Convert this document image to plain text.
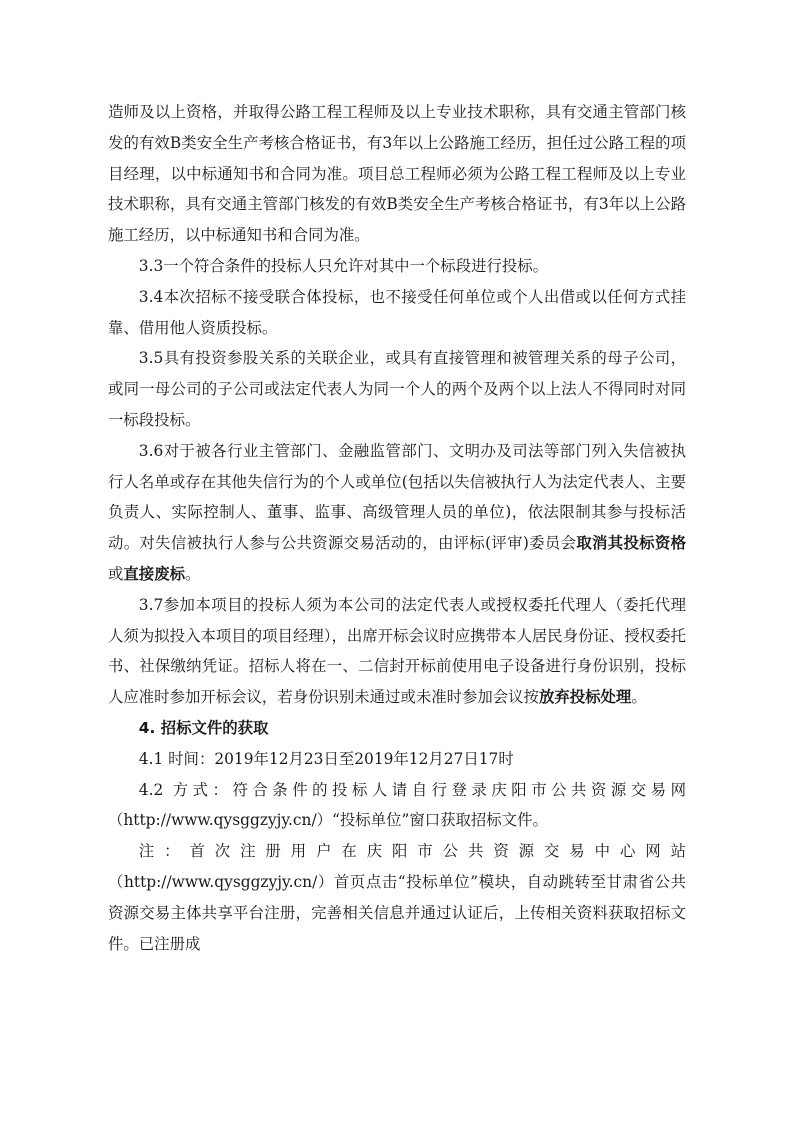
造师及以上资格，并取得公路工程工程师及以上专业技术职称，具有交通主管部门核发的有效B类安全生产考核合格证书，有3年以上公路施工经历，担任过公路工程的项目经理，以中标通知书和合同为准。项目总工程师必须为公路工程工程师及以上专业技术职称，具有交通主管部门核发的有效B类安全生产考核合格证书，有3年以上公路施工经历，以中标通知书和合同为准。

3.3一个符合条件的投标人只允许对其中一个标段进行投标。

3.4本次招标不接受联合体投标，也不接受任何单位或个人出借或以任何方式挂靠、借用他人资质投标。

3.5具有投资参股关系的关联企业，或具有直接管理和被管理关系的母子公司，或同一母公司的子公司或法定代表人为同一个人的两个及两个以上法人不得同时对同一标段投标。

3.6对于被各行业主管部门、金融监管部门、文明办及司法等部门列入失信被执行人名单或存在其他失信行为的个人或单位(包括以失信被执行人为法定代表人、主要负责人、实际控制人、董事、监事、高级管理人员的单位)，依法限制其参与投标活动。对失信被执行人参与公共资源交易活动的，由评标(评审)委员会取消其投标资格或直接废标。

3.7参加本项目的投标人须为本公司的法定代表人或授权委托代理人（委托代理人须为拟投入本项目的项目经理），出席开标会议时应携带本人居民身份证、授权委托书、社保缴纳凭证。招标人将在一、二信封开标前使用电子设备进行身份识别，投标人应准时参加开标会议，若身份识别未通过或未准时参加会议按放弃投标处理。

4. 招标文件的获取

4.1 时间：2019年12月23日至2019年12月27日17时

4.2 方式：符合条件的投标人请自行登录庆阳市公共资源交易网（http://www.qysggzyjy.cn/）“投标单位”窗口获取招标文件。

注：首次注册用户在庆阳市公共资源交易中心网站（http://www.qysggzyjy.cn/）首页点击“投标单位”模块，自动跳转至甘肃省公共资源交易主体共享平台注册，完善相关信息并通过认证后，上传相关资料获取招标文件。已注册成
